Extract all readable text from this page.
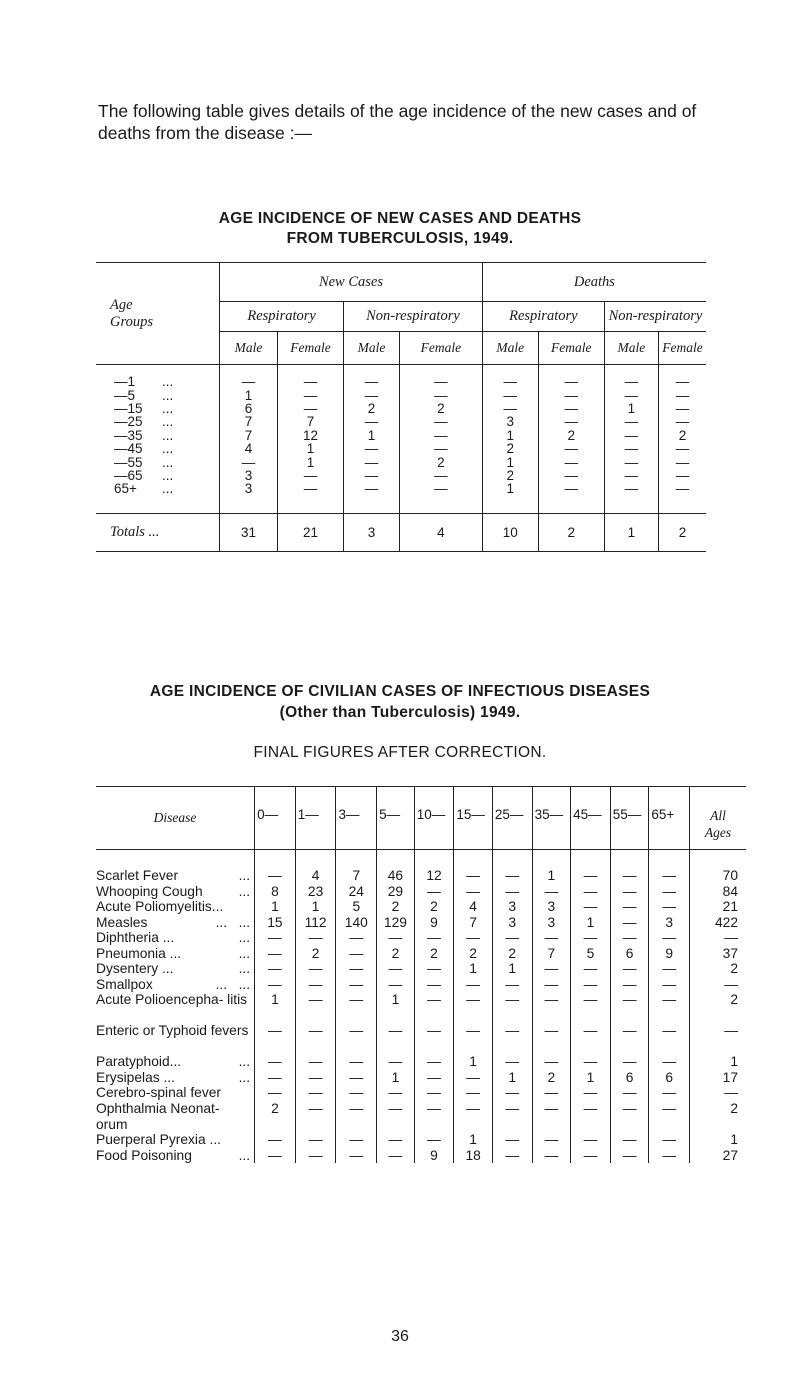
The following table gives details of the age incidence of the new cases and of deaths from the disease :—
AGE INCIDENCE OF NEW CASES AND DEATHS
FROM TUBERCULOSIS, 1949.
Age
Groups	New Cases				Deaths			
	Respiratory		Non-respiratory		Respiratory		Non-respiratory	
	Male	Female	Male	Female	Male	Female	Male	Female
—1 ...	—	—	—	—	—	—	—	—
—5 ...	1	—	—	—	—	—	—	—
—15 ...	6	—	2	2	—	—	1	—
—25 ...	7	7	—	—	3	—	—	—
—35 ...	7	12	1	—	1	2	—	2
—45 ...	4	1	—	—	2	—	—	—
—55 ...	—	1	—	2	1	—	—	—
—65 ...	3	—	—	—	2	—	—	—
65+ ...	3	—	—	—	1	—	—	—

Totals ...	31	21	3	4	10	2	1	2
AGE INCIDENCE OF CIVILIAN CASES OF INFECTIOUS DISEASES
(Other than Tuberculosis) 1949.
FINAL FIGURES AFTER CORRECTION.
Disease	0—	1—	3—	5—	10—	15—	25—	35—	45—	55—	65+	All
Ages

Scarlet Fever ...	—	4	7	46	12	—	—	1	—	—	—	70
Whooping Cough ...	8	23	24	29	—	—	—	—	—	—	—	84
Acute Poliomyelitis...	1	1	5	2	2	4	3	3	—	—	—	21
Measles ...   ...	15	112	140	129	9	7	3	3	1	—	3	422
Diphtheria ... ...	—	—	—	—	—	—	—	—	—	—	—	—
Pneumonia ... ...	—	2	—	2	2	2	2	7	5	6	9	37
Dysentery ... ...	—	—	—	—	—	1	1	—	—	—	—	2
Smallpox ...   ...	—	—	—	—	—	—	—	—	—	—	—	—
Acute Polioencepha- litis	1	—	—	1	—	—	—	—	—	—	—	2
Enteric or Typhoid fevers	—	—	—	—	—	—	—	—	—	—	—	—
Paratyphoid... ...	—	—	—	—	—	1	—	—	—	—	—	1
Erysipelas ... ...	—	—	—	1	—	—	1	2	1	6	6	17
Cerebro-spinal fever	—	—	—	—	—	—	—	—	—	—	—	—
Ophthalmia Neonat- orum	2	—	—	—	—	—	—	—	—	—	—	2
Puerperal Pyrexia ...	—	—	—	—	—	1	—	—	—	—	—	1
Food Poisoning ...	—	—	—	—	9	18	—	—	—	—	—	27
36
